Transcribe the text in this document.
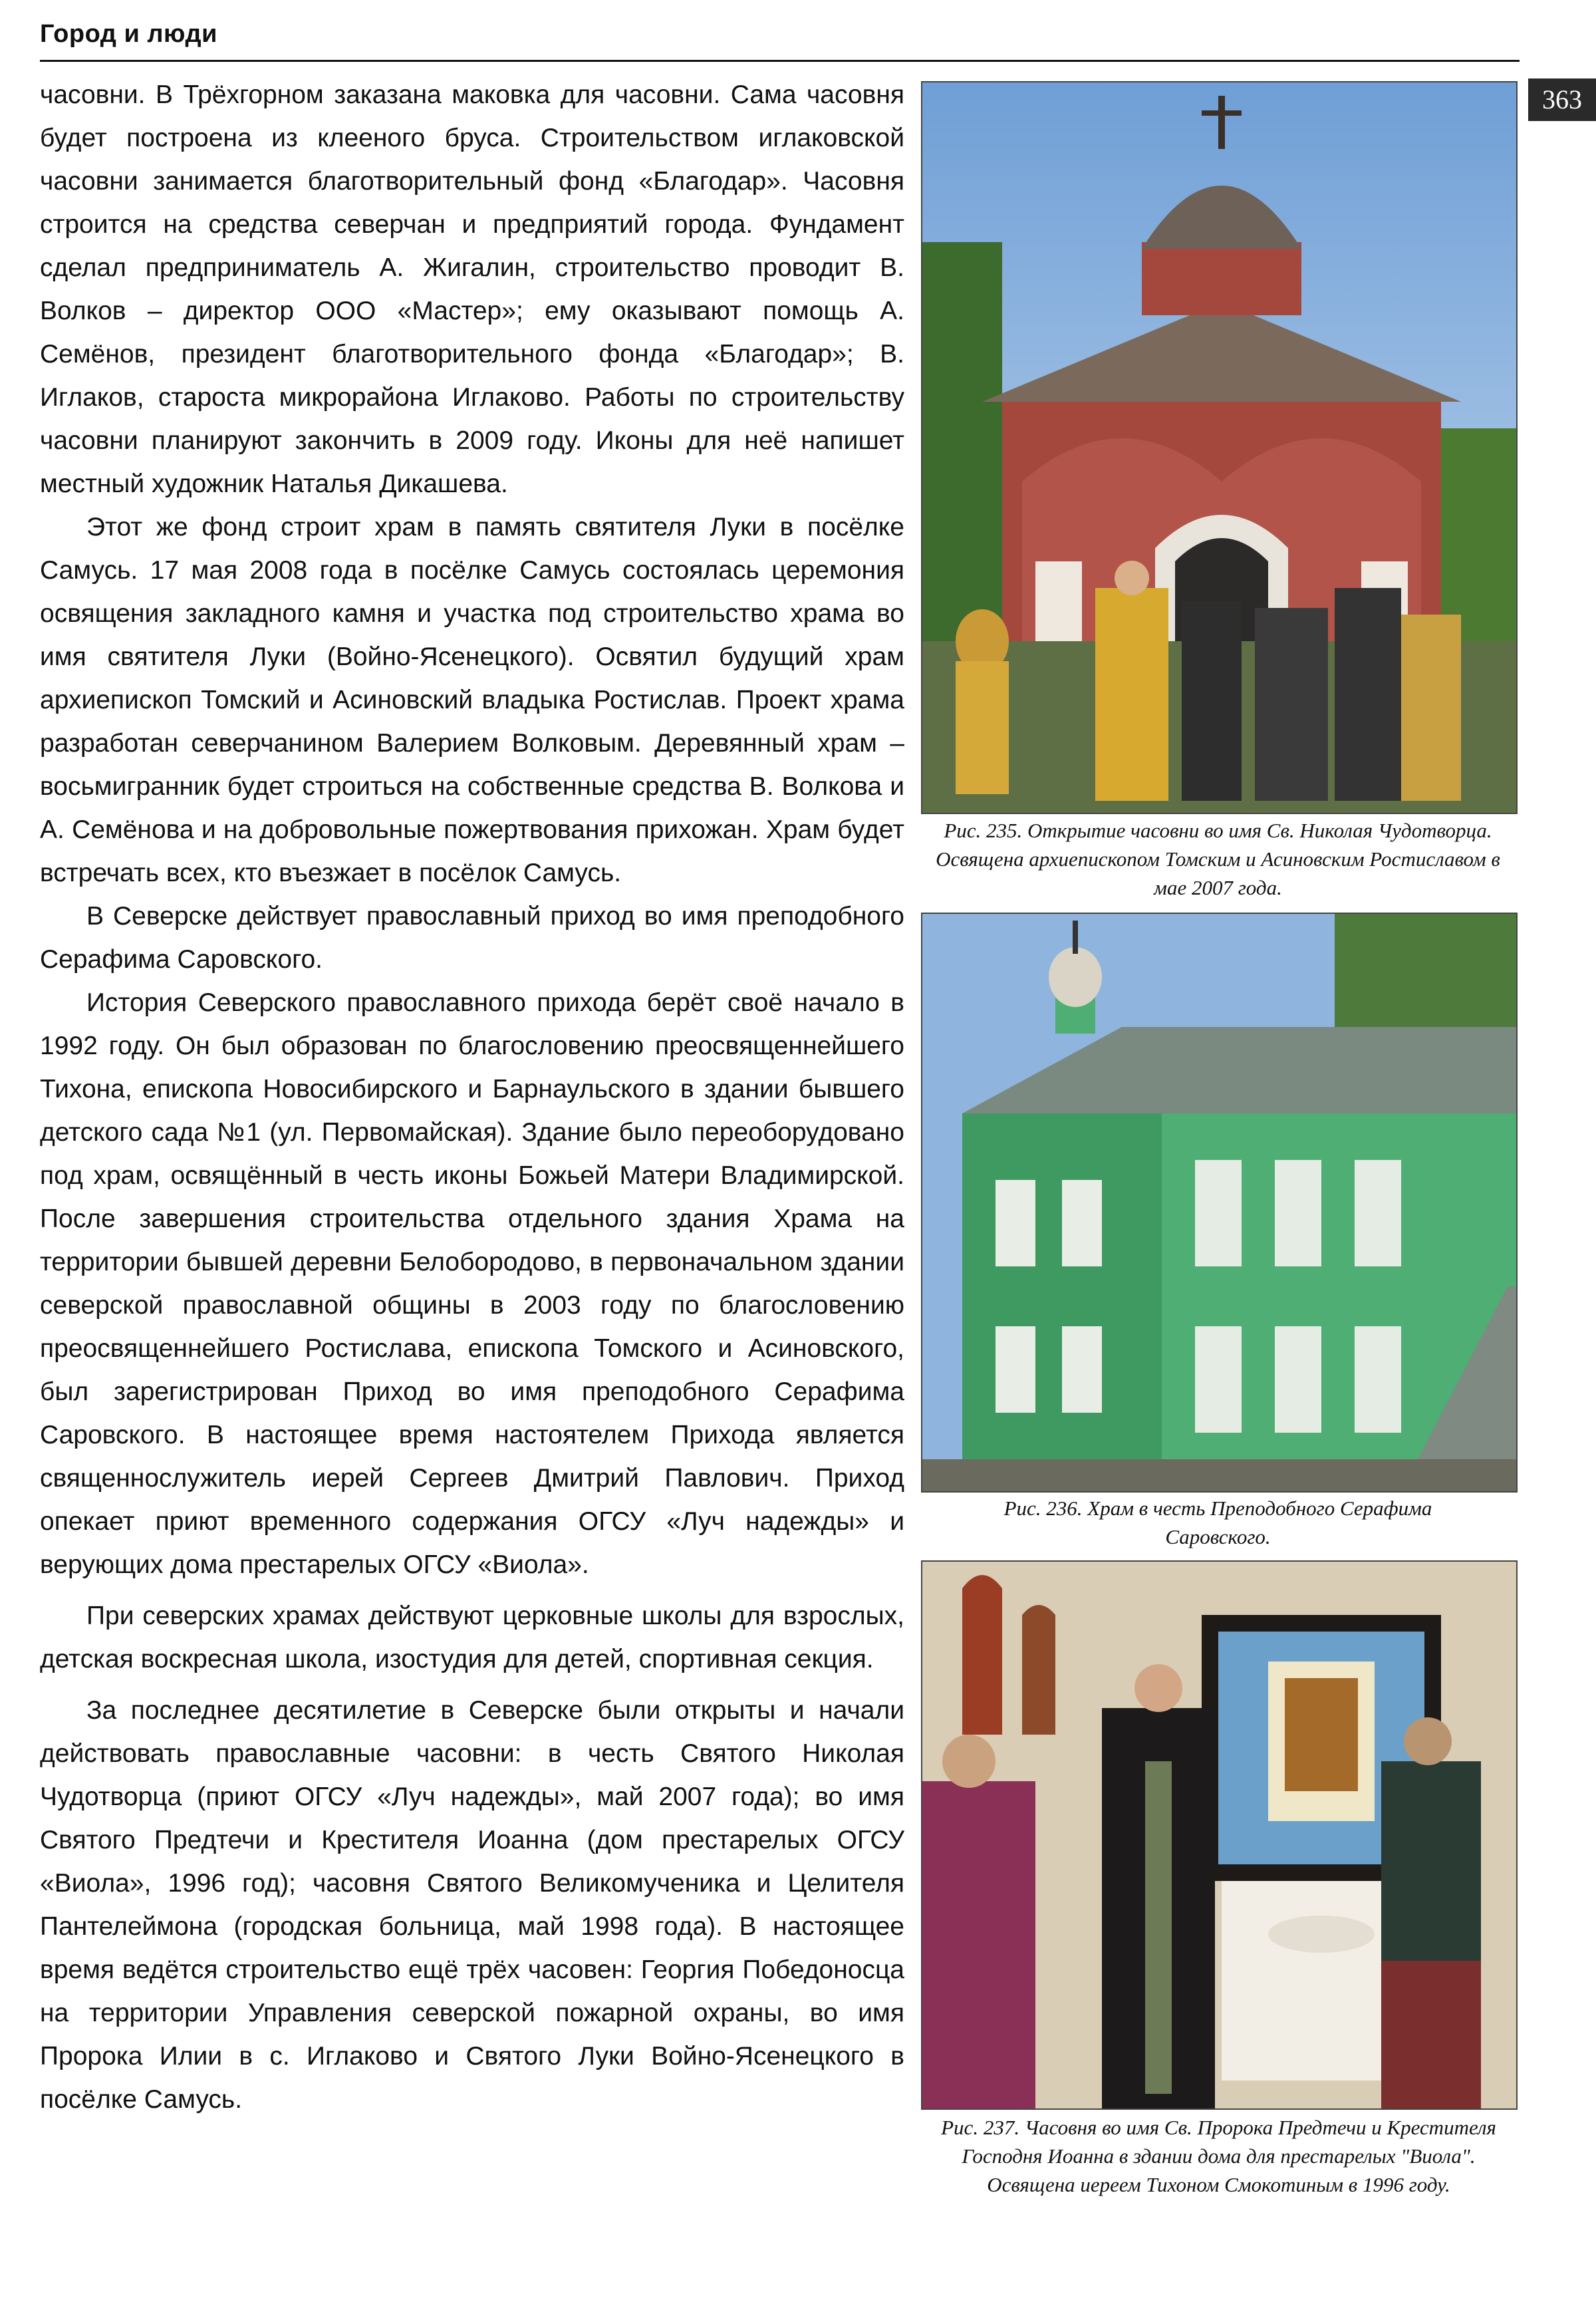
Город и люди
363

часовни. В Трёхгорном заказана маковка для часовни. Сама часовня будет построена из клееного бруса. Строительством иглаковской часовни занимается благотворительный фонд «Благодар». Часовня строится на средства северчан и предприятий города. Фундамент сделал предприниматель А. Жигалин, строительство проводит В. Волков – директор ООО «Мастер»; ему оказывают помощь А. Семёнов, президент благотворительного фонда «Благодар»; В. Иглаков, староста микрорайона Иглаково. Работы по строительству часовни планируют закончить в 2009 году. Иконы для неё напишет местный художник Наталья Дикашева.

Этот же фонд строит храм в память святителя Луки в посёлке Самусь. 17 мая 2008 года в посёлке Самусь состоялась церемония освящения закладного камня и участка под строительство храма во имя святителя Луки (Войно-Ясенецкого). Освятил будущий храм архиепископ Томский и Асиновский владыка Ростислав. Проект храма разработан северчанином Валерием Волковым. Деревянный храм – восьмигранник будет строиться на собственные средства В. Волкова и А. Семёнова и на добровольные пожертвования прихожан. Храм будет встречать всех, кто въезжает в посёлок Самусь.

В Северске действует православный приход во имя преподобного Серафима Саровского.

История Северского православного прихода берёт своё начало в 1992 году. Он был образован по благословению преосвященнейшего Тихона, епископа Новосибирского и Барнаульского в здании бывшего детского сада №1 (ул. Первомайская). Здание было переоборудовано под храм, освящённый в честь иконы Божьей Матери Владимирской. После завершения строительства отдельного здания Храма на территории бывшей деревни Белобородово, в первоначальном здании северской православной общины в 2003 году по благословению преосвященнейшего Ростислава, епископа Томского и Асиновского, был зарегистрирован Приход во имя преподобного Серафима Саровского. В настоящее время настоятелем Прихода является священнослужитель иерей Сергеев Дмитрий Павлович. Приход опекает приют временного содержания ОГСУ «Луч надежды» и верующих дома престарелых ОГСУ «Виола».

При северских храмах действуют церковные школы для взрослых, детская воскресная школа, изостудия для детей, спортивная секция.

За последнее десятилетие в Северске были открыты и начали действовать православные часовни: в честь Святого Николая Чудотворца (приют ОГСУ «Луч надежды», май 2007 года); во имя Святого Предтечи и Крестителя Иоанна (дом престарелых ОГСУ «Виола», 1996 год); часовня Святого Великомученика и Целителя Пантелеймона (городская больница, май 1998 года). В настоящее время ведётся строительство ещё трёх часовен: Георгия Победоносца на территории Управления северской пожарной охраны, во имя Пророка Илии в с. Иглаково и Святого Луки Войно-Ясенецкого в посёлке Самусь.

Рис. 235. Открытие часовни во имя Св. Николая Чудотворца. Освящена архиепископом Томским и Асиновским Ростиславом в мае 2007 года.
Рис. 236. Храм в честь Преподобного Серафима Саровского.
Рис. 237. Часовня во имя Св. Пророка Предтечи и Крестителя Господня Иоанна в здании дома для престарелых "Виола". Освящена иереем Тихоном Смокотиным в 1996 году.
